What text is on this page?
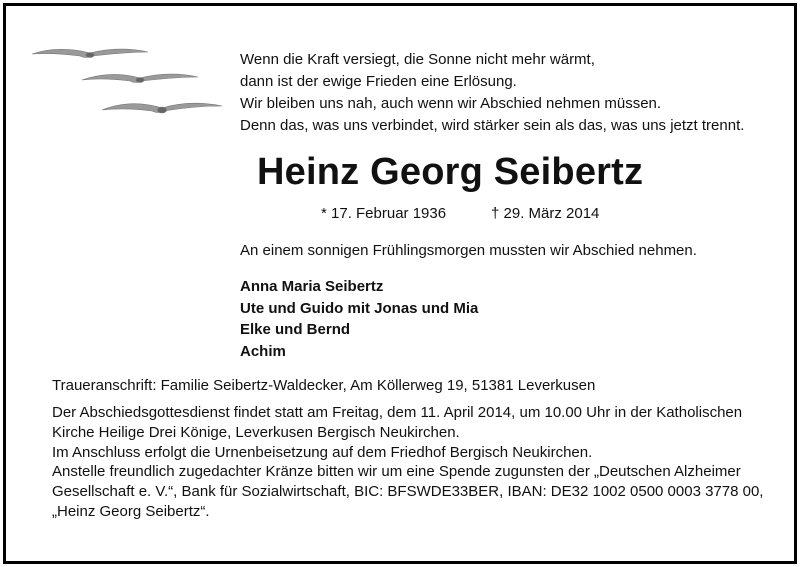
Wenn die Kraft versiegt, die Sonne nicht mehr wärmt,
dann ist der ewige Frieden eine Erlösung.
Wir bleiben uns nah, auch wenn wir Abschied nehmen müssen.
Denn das, was uns verbindet, wird stärker sein als das, was uns jetzt trennt.
Heinz Georg Seibertz
* 17. Februar 1936	† 29. März 2014
An einem sonnigen Frühlingsmorgen mussten wir Abschied nehmen.
Anna Maria Seibertz
Ute und Guido mit Jonas und Mia
Elke und Bernd
Achim
Traueranschrift: Familie Seibertz-Waldecker, Am Köllerweg 19, 51381 Leverkusen
Der Abschiedsgottesdienst findet statt am Freitag, dem 11. April 2014, um 10.00 Uhr in der Katholischen
Kirche Heilige Drei Könige, Leverkusen Bergisch Neukirchen.
Im Anschluss erfolgt die Urnenbeisetzung auf dem Friedhof Bergisch Neukirchen.
Anstelle freundlich zugedachter Kränze bitten wir um eine Spende zugunsten der „Deutschen Alzheimer
Gesellschaft e. V.“, Bank für Sozialwirtschaft, BIC: BFSWDE33BER, IBAN: DE32 1002 0500 0003 3778 00,
„Heinz Georg Seibertz“.
